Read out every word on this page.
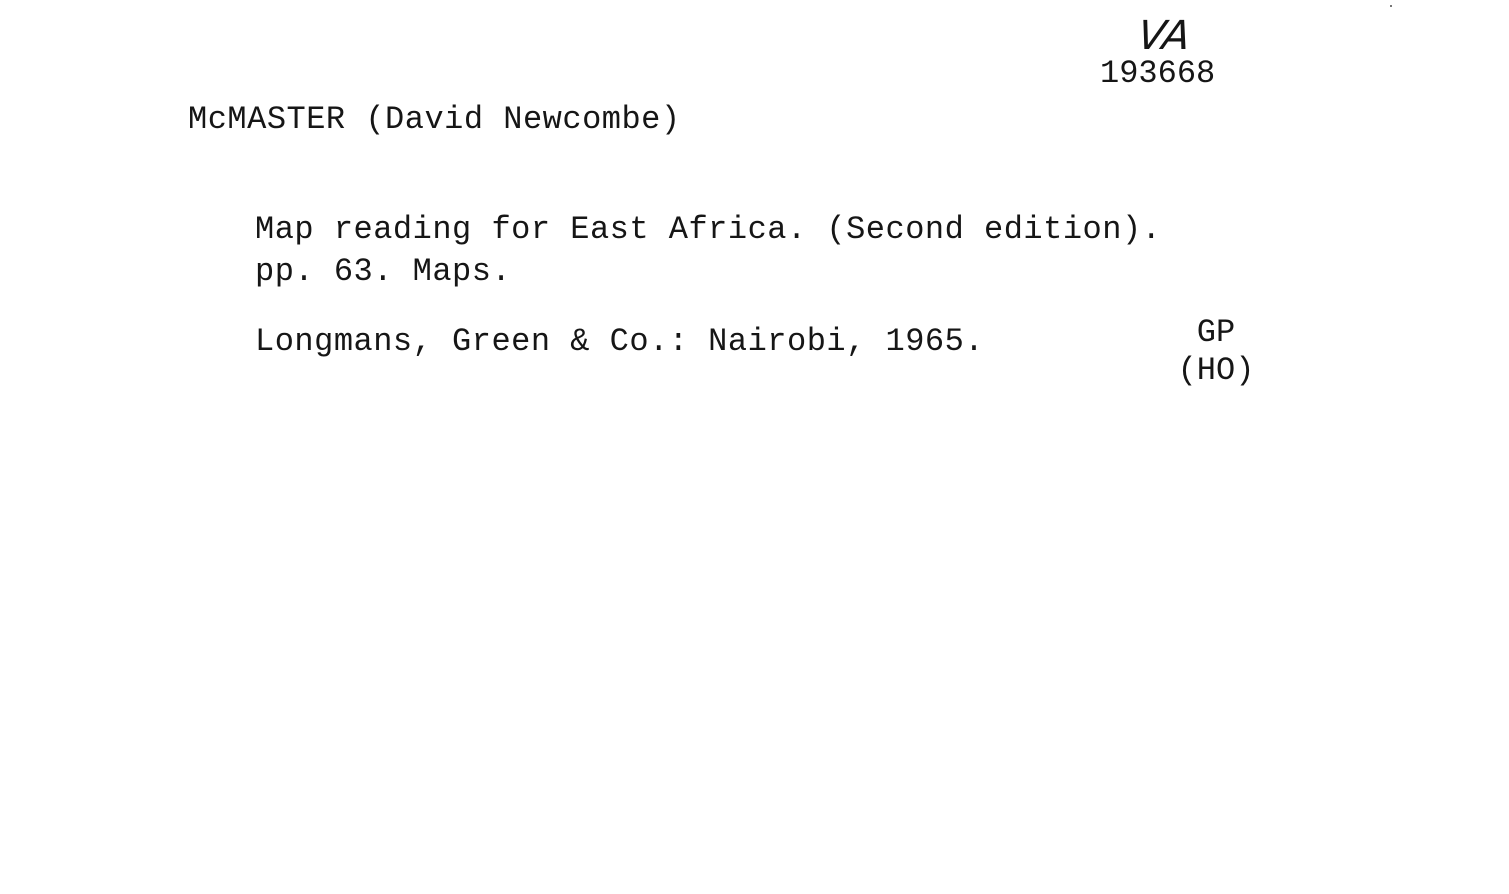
VA
193668
McMASTER (David Newcombe)
Map reading for East Africa. (Second edition).
pp. 63. Maps.
Longmans, Green & Co.: Nairobi, 1965.	GP
(HO)
